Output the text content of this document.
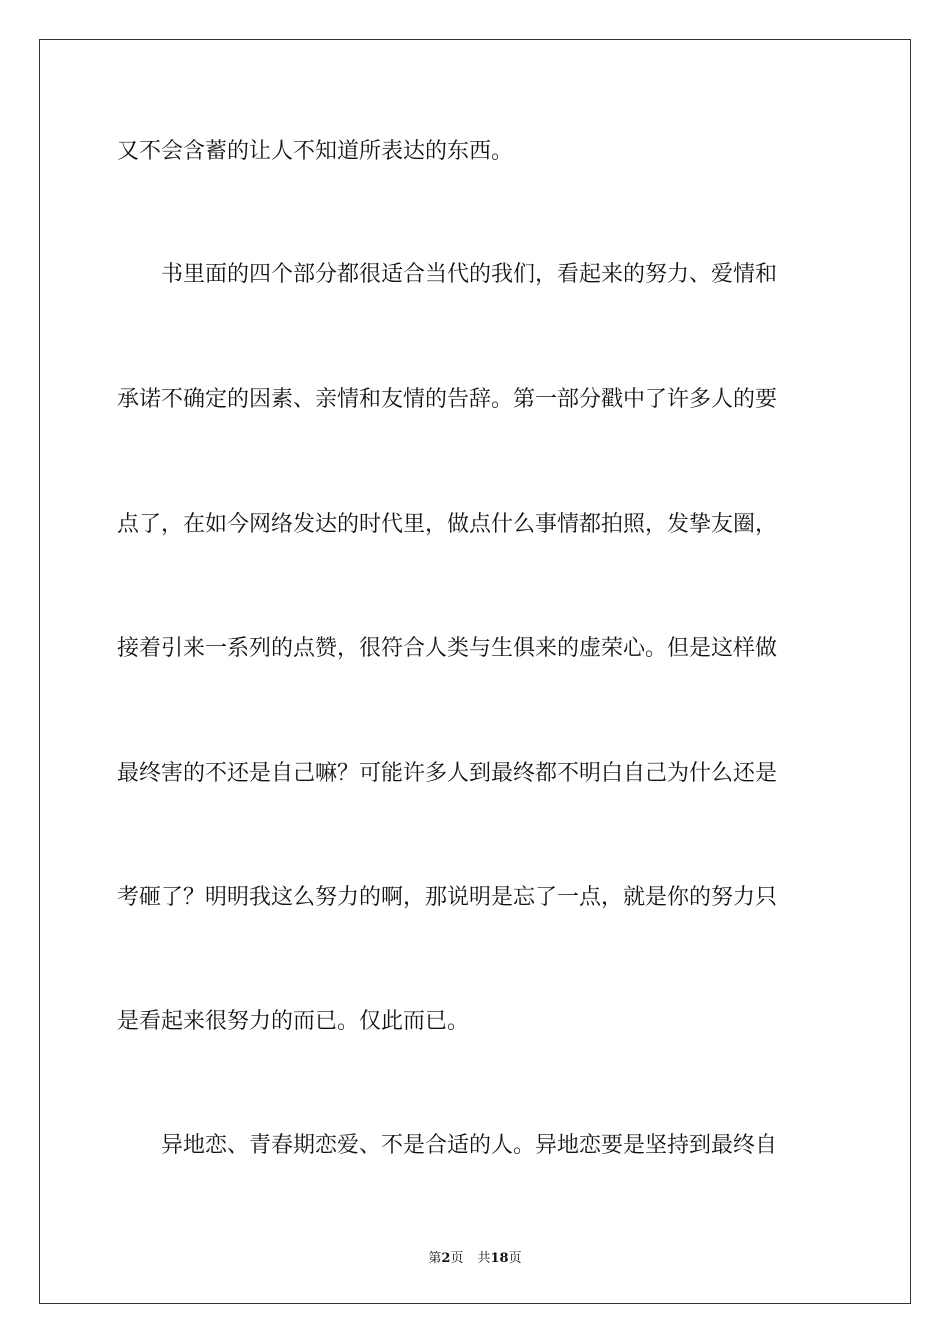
又不会含蓄的让人不知道所表达的东西。
　　书里面的四个部分都很适合当代的我们，看起来的努力、爱情和
承诺不确定的因素、亲情和友情的告辞。第一部分戳中了许多人的要
点了，在如今网络发达的时代里，做点什么事情都拍照，发挚友圈，
接着引来一系列的点赞，很符合人类与生俱来的虚荣心。但是这样做
最终害的不还是自己嘛？可能许多人到最终都不明白自己为什么还是
考砸了？明明我这么努力的啊，那说明是忘了一点，就是你的努力只
是看起来很努力的而已。仅此而已。
　　异地恋、青春期恋爱、不是合适的人。异地恋要是坚持到最终自
第2页 共18页
